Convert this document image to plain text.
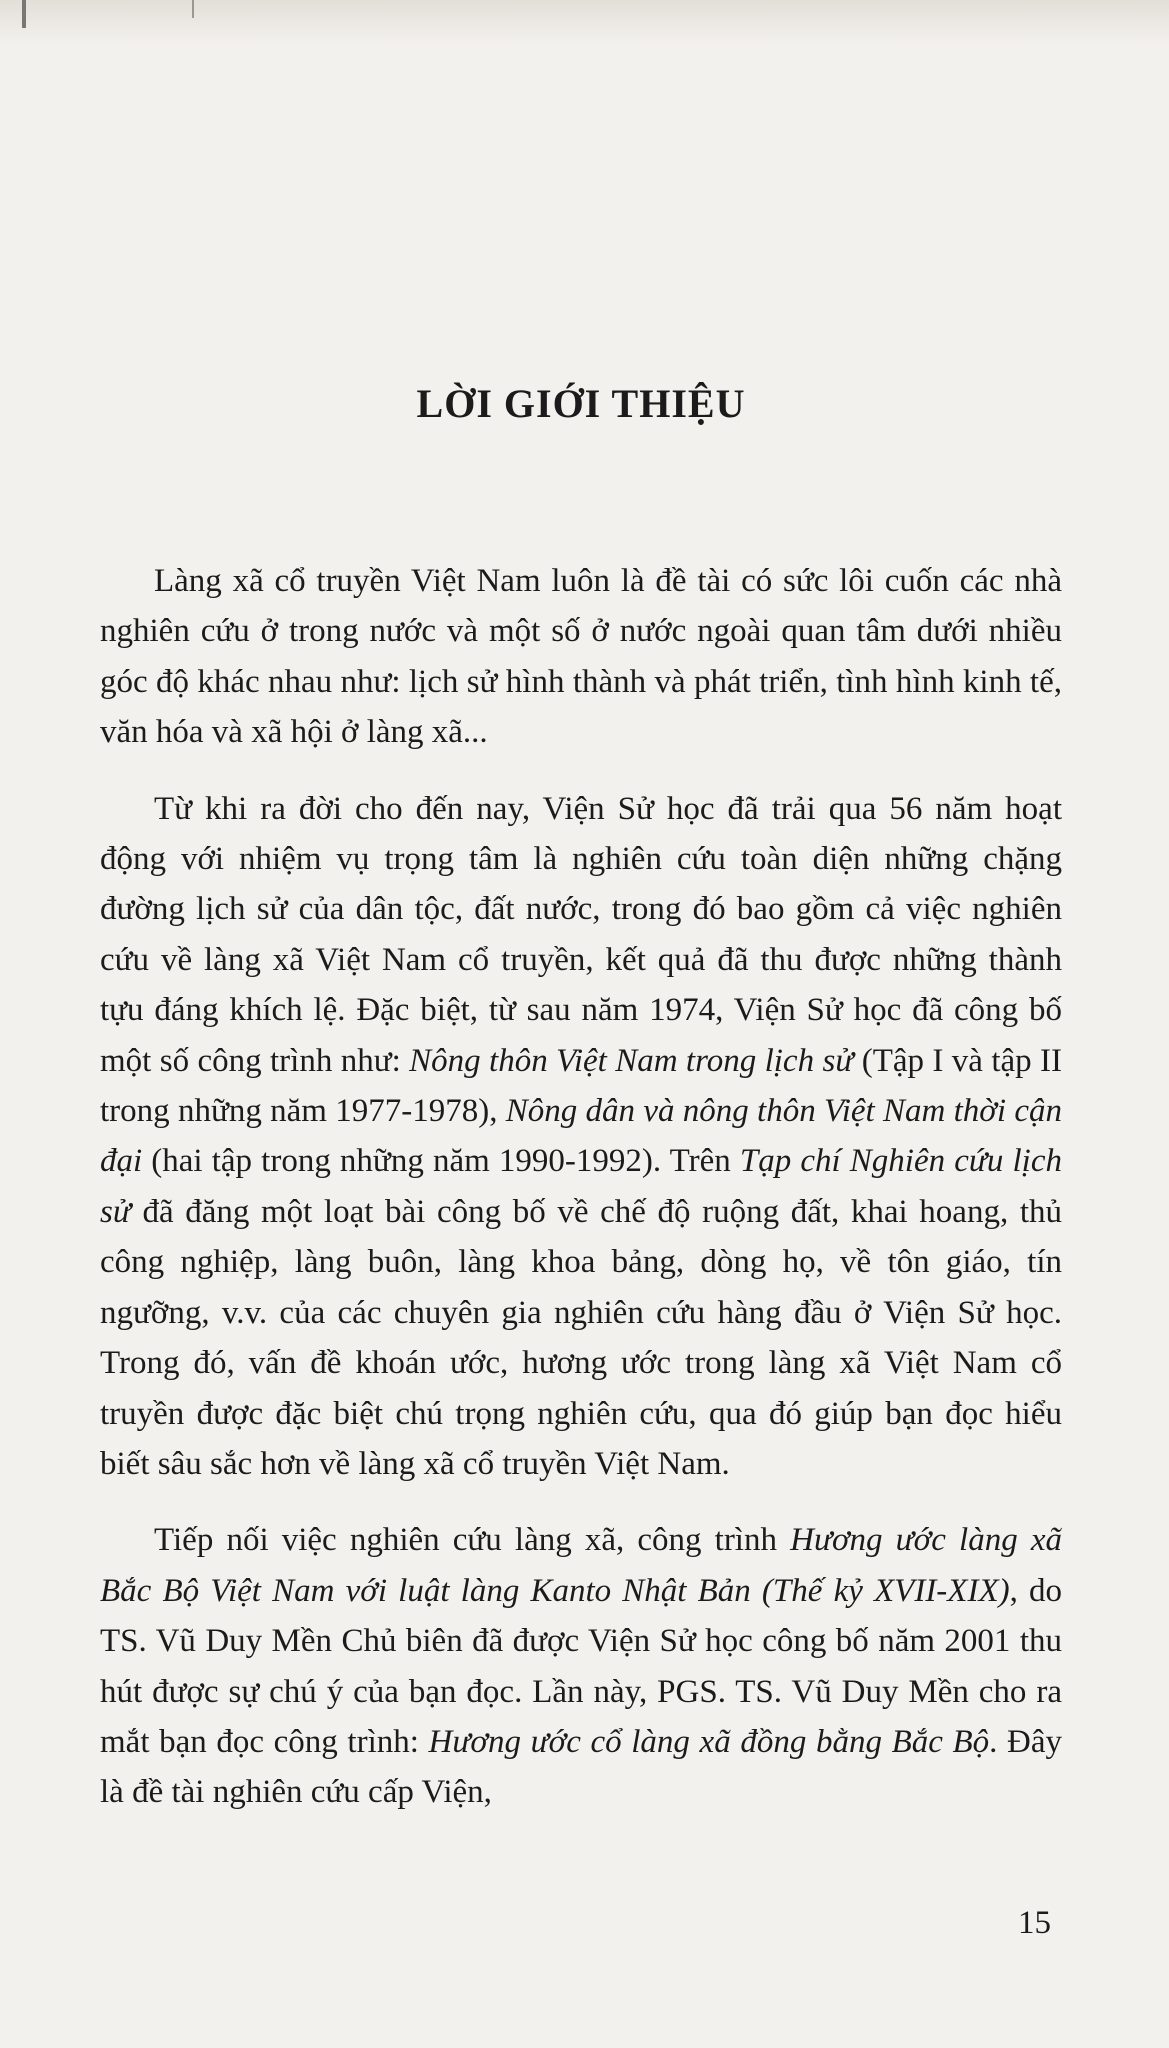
LỜI GIỚI THIỆU

Làng xã cổ truyền Việt Nam luôn là đề tài có sức lôi cuốn các nhà nghiên cứu ở trong nước và một số ở nước ngoài quan tâm dưới nhiều góc độ khác nhau như: lịch sử hình thành và phát triển, tình hình kinh tế, văn hóa và xã hội ở làng xã...

Từ khi ra đời cho đến nay, Viện Sử học đã trải qua 56 năm hoạt động với nhiệm vụ trọng tâm là nghiên cứu toàn diện những chặng đường lịch sử của dân tộc, đất nước, trong đó bao gồm cả việc nghiên cứu về làng xã Việt Nam cổ truyền, kết quả đã thu được những thành tựu đáng khích lệ. Đặc biệt, từ sau năm 1974, Viện Sử học đã công bố một số công trình như: Nông thôn Việt Nam trong lịch sử (Tập I và tập II trong những năm 1977-1978), Nông dân và nông thôn Việt Nam thời cận đại (hai tập trong những năm 1990-1992). Trên Tạp chí Nghiên cứu lịch sử đã đăng một loạt bài công bố về chế độ ruộng đất, khai hoang, thủ công nghiệp, làng buôn, làng khoa bảng, dòng họ, về tôn giáo, tín ngưỡng, v.v. của các chuyên gia nghiên cứu hàng đầu ở Viện Sử học. Trong đó, vấn đề khoán ước, hương ước trong làng xã Việt Nam cổ truyền được đặc biệt chú trọng nghiên cứu, qua đó giúp bạn đọc hiểu biết sâu sắc hơn về làng xã cổ truyền Việt Nam.

Tiếp nối việc nghiên cứu làng xã, công trình Hương ước làng xã Bắc Bộ Việt Nam với luật làng Kanto Nhật Bản (Thế kỷ XVII-XIX), do TS. Vũ Duy Mền Chủ biên đã được Viện Sử học công bố năm 2001 thu hút được sự chú ý của bạn đọc. Lần này, PGS. TS. Vũ Duy Mền cho ra mắt bạn đọc công trình: Hương ước cổ làng xã đồng bằng Bắc Bộ. Đây là đề tài nghiên cứu cấp Viện,

15
